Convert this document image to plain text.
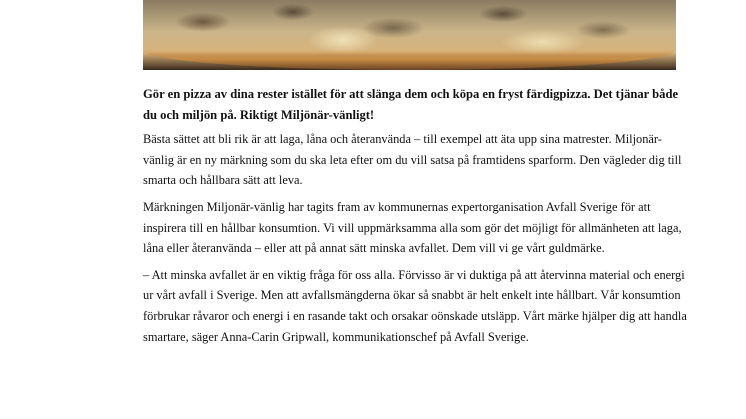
Gör en pizza av dina rester istället för att slänga dem och köpa en fryst färdigpizza. Det tjänar både du och miljön på. Riktigt Miljönär-vänligt!

Bästa sättet att bli rik är att laga, låna och återanvända – till exempel att äta upp sina matrester. Miljonär-vänlig är en ny märkning som du ska leta efter om du vill satsa på framtidens sparform. Den vägleder dig till smarta och hållbara sätt att leva.

Märkningen Miljonär-vänlig har tagits fram av kommunernas expertorganisation Avfall Sverige för att inspirera till en hållbar konsumtion. Vi vill uppmärksamma alla som gör det möjligt för allmänheten att laga, låna eller återanvända – eller att på annat sätt minska avfallet. Dem vill vi ge vårt guldmärke.

– Att minska avfallet är en viktig fråga för oss alla. Förvisso är vi duktiga på att återvinna material och energi ur vårt avfall i Sverige. Men att avfallsmängderna ökar så snabbt är helt enkelt inte hållbart. Vår konsumtion förbrukar råvaror och energi i en rasande takt och orsakar oönskade utsläpp. Vårt märke hjälper dig att handla smartare, säger Anna-Carin Gripwall, kommunikationschef på Avfall Sverige.
